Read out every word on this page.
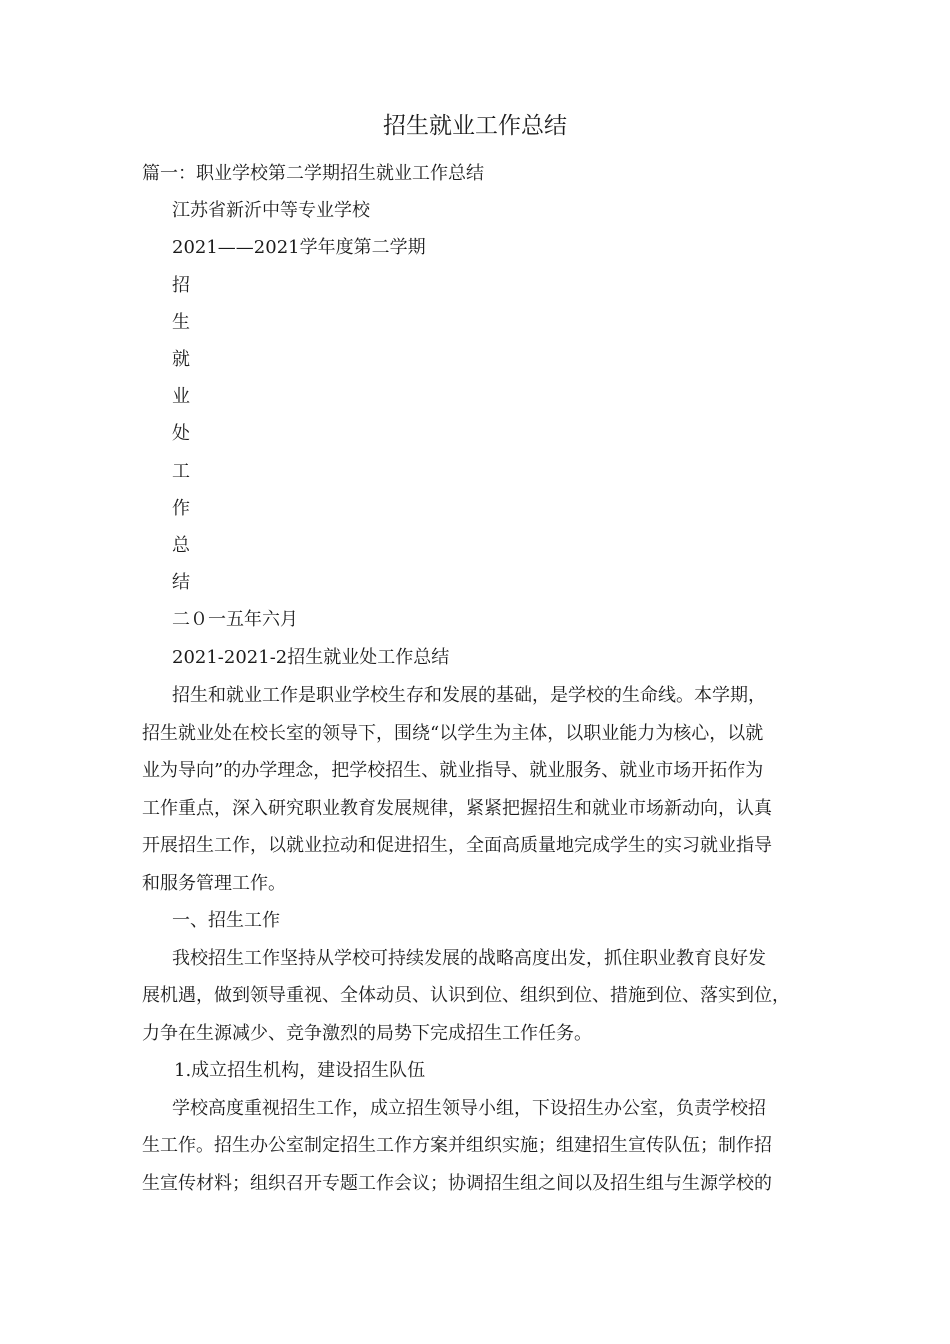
招生就业工作总结
篇一：职业学校第二学期招生就业工作总结
江苏省新沂中等专业学校
2021——2021学年度第二学期
招
生
就
业
处
工
作
总
结
二０一五年六月
2021-2021-2招生就业处工作总结
招生和就业工作是职业学校生存和发展的基础，是学校的生命线。本学期，
招生就业处在校长室的领导下，围绕“以学生为主体，以职业能力为核心，以就
业为导向”的办学理念，把学校招生、就业指导、就业服务、就业市场开拓作为
工作重点，深入研究职业教育发展规律，紧紧把握招生和就业市场新动向，认真
开展招生工作，以就业拉动和促进招生，全面高质量地完成学生的实习就业指导
和服务管理工作。
一、招生工作
我校招生工作坚持从学校可持续发展的战略高度出发，抓住职业教育良好发
展机遇，做到领导重视、全体动员、认识到位、组织到位、措施到位、落实到位，
力争在生源减少、竞争激烈的局势下完成招生工作任务。
1.成立招生机构，建设招生队伍
学校高度重视招生工作，成立招生领导小组，下设招生办公室，负责学校招
生工作。招生办公室制定招生工作方案并组织实施；组建招生宣传队伍；制作招
生宣传材料；组织召开专题工作会议；协调招生组之间以及招生组与生源学校的
